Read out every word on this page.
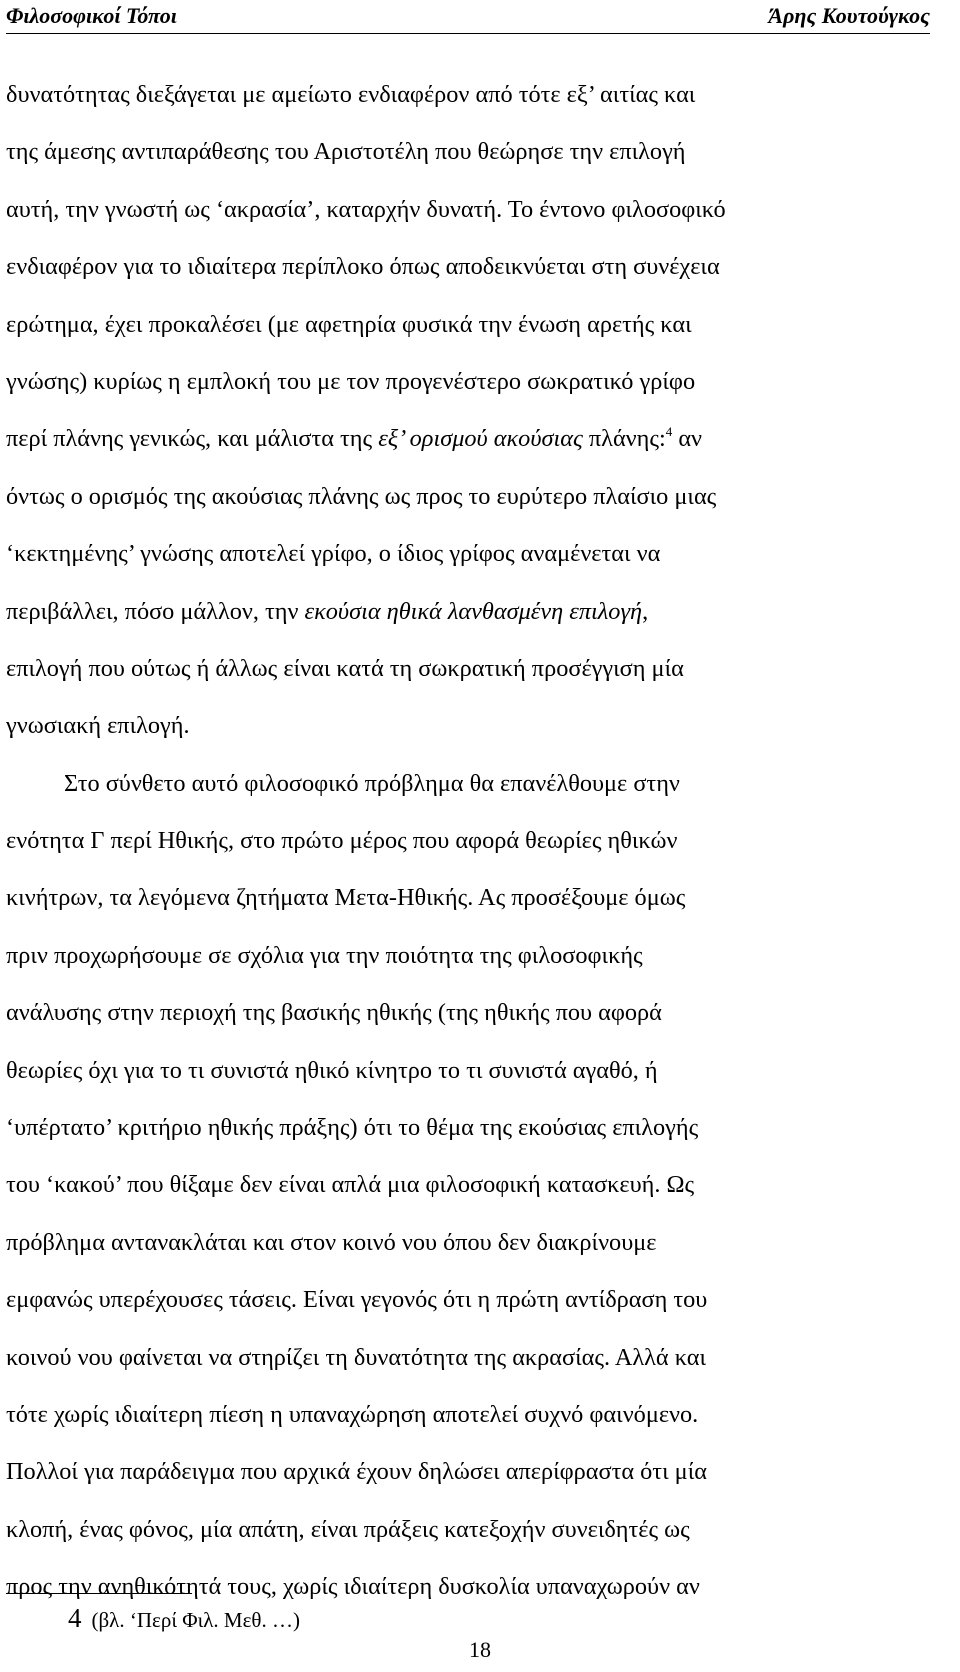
Φιλοσοφικοί Τόποι	Άρης Κουτούγκος
δυνατότητας διεξάγεται με αμείωτο ενδιαφέρον από τότε εξ’ αιτίας και
της άμεσης αντιπαράθεσης του Αριστοτέλη που θεώρησε την επιλογή
αυτή, την γνωστή ως ‘ακρασία’, καταρχήν δυνατή. Το έντονο φιλοσοφικό
ενδιαφέρον για το ιδιαίτερα περίπλοκο όπως αποδεικνύεται στη συνέχεια
ερώτημα, έχει προκαλέσει (με αφετηρία φυσικά την ένωση αρετής και
γνώσης) κυρίως η εμπλοκή του με τον προγενέστερο σωκρατικό γρίφο
περί πλάνης γενικώς, και μάλιστα της εξ’ ορισμού ακούσιας πλάνης:$^4$ αν
όντως ο ορισμός της ακούσιας πλάνης ως προς το ευρύτερο πλαίσιο μιας
‘κεκτημένης’ γνώσης αποτελεί γρίφο, ο ίδιος γρίφος αναμένεται να
περιβάλλει, πόσο μάλλον, την εκούσια ηθικά λανθασμένη επιλογή,
επιλογή που ούτως ή άλλως είναι κατά τη σωκρατική προσέγγιση μία
γνωσιακή επιλογή.
Στο σύνθετο αυτό φιλοσοφικό πρόβλημα θα επανέλθουμε στην
ενότητα Γ περί Ηθικής, στο πρώτο μέρος που αφορά θεωρίες ηθικών
κινήτρων, τα λεγόμενα ζητήματα Μετα-Ηθικής. Ας προσέξουμε όμως
πριν προχωρήσουμε σε σχόλια για την ποιότητα της φιλοσοφικής
ανάλυσης στην περιοχή της βασικής ηθικής (της ηθικής που αφορά
θεωρίες όχι για το τι συνιστά ηθικό κίνητρο το τι συνιστά αγαθό, ή
‘υπέρτατο’ κριτήριο ηθικής πράξης) ότι το θέμα της εκούσιας επιλογής
του ‘κακού’ που θίξαμε δεν είναι απλά μια φιλοσοφική κατασκευή. Ως
πρόβλημα αντανακλάται και στον κοινό νου όπου δεν διακρίνουμε
εμφανώς υπερέχουσες τάσεις. Είναι γεγονός ότι η πρώτη αντίδραση του
κοινού νου φαίνεται να στηρίζει τη δυνατότητα της ακρασίας. Αλλά και
τότε χωρίς ιδιαίτερη πίεση η υπαναχώρηση αποτελεί συχνό φαινόμενο.
Πολλοί για παράδειγμα που αρχικά έχουν δηλώσει απερίφραστα ότι μία
κλοπή, ένας φόνος, μία απάτη, είναι πράξεις κατεξοχήν συνειδητές ως
προς την ανηθικότητά τους, χωρίς ιδιαίτερη δυσκολία υπαναχωρούν αν
4 (βλ. ‘Περί Φιλ. Μεθ. …)
18
